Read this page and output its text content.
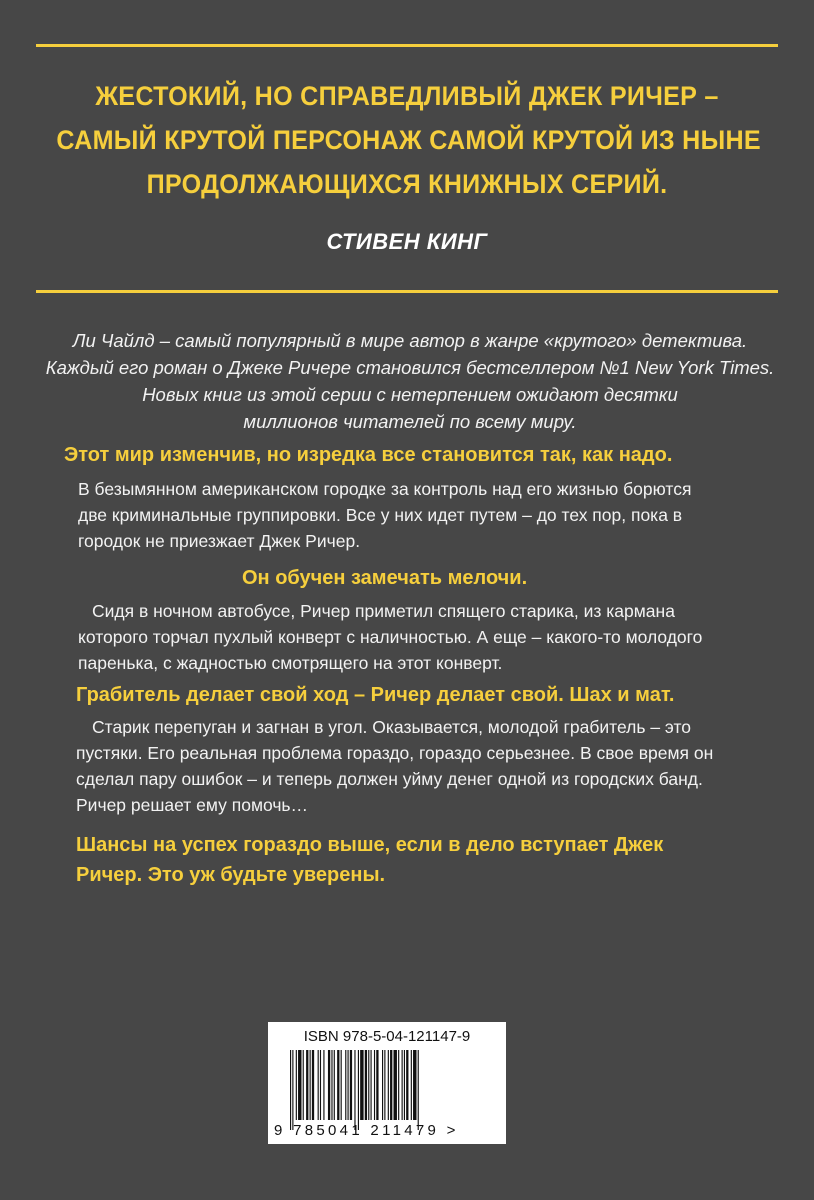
ЖЕСТОКИЙ, НО СПРАВЕДЛИВЫЙ ДЖЕК РИЧЕР –
САМЫЙ КРУТОЙ ПЕРСОНАЖ САМОЙ КРУТОЙ ИЗ НЫНЕ
ПРОДОЛЖАЮЩИХСЯ КНИЖНЫХ СЕРИЙ.
СТИВЕН КИНГ
Ли Чайлд – самый популярный в мире автор в жанре «крутого» детектива.
Каждый его роман о Джеке Ричере становился бестселлером №1 New York Times.
Новых книг из этой серии с нетерпением ожидают десятки
миллионов читателей по всему миру.
Этот мир изменчив, но изредка все становится так, как надо.
В безымянном американском городке за контроль над его жизнью борются
две криминальные группировки. Все у них идет путем – до тех пор, пока в
городок не приезжает Джек Ричер.
Он обучен замечать мелочи.
Сидя в ночном автобусе, Ричер приметил спящего старика, из кармана
которого торчал пухлый конверт с наличностью. А еще – какого-то молодого
паренька, с жадностью смотрящего на этот конверт.
Грабитель делает свой ход – Ричер делает свой. Шах и мат.
Старик перепуган и загнан в угол. Оказывается, молодой грабитель – это
пустяки. Его реальная проблема гораздо, гораздо серьезнее. В свое время он
сделал пару ошибок – и теперь должен уйму денег одной из городских банд.
Ричер решает ему помочь…
Шансы на успех гораздо выше, если в дело вступает Джек
Ричер. Это уж будьте уверены.
ISBN 978-5-04-121147-9
9 785041 211479 >
